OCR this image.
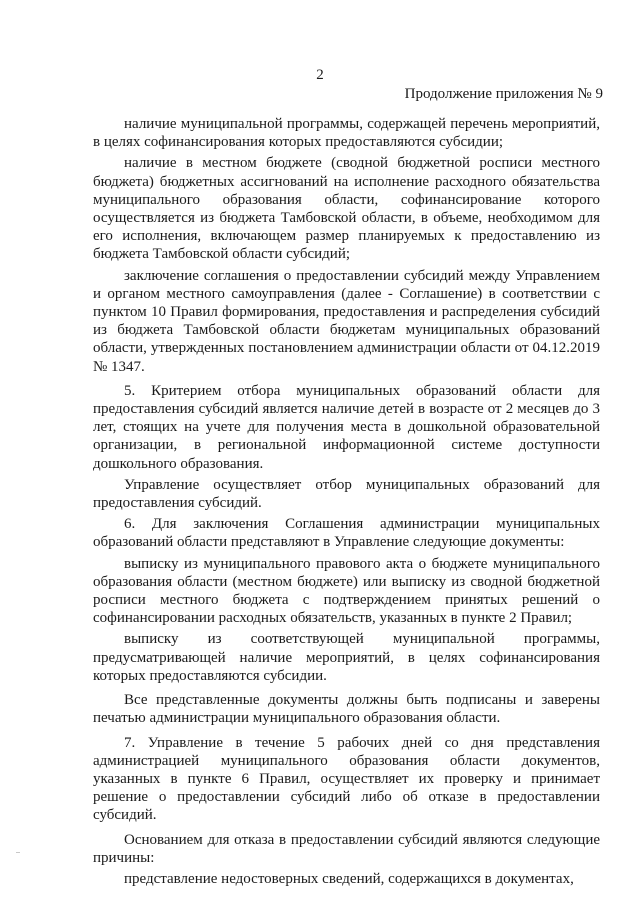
2
Продолжение приложения № 9

наличие муниципальной программы, содержащей перечень мероприятий, в целях софинансирования которых предоставляются субсидии;

наличие в местном бюджете (сводной бюджетной росписи местного бюджета) бюджетных ассигнований на исполнение расходного обязательства муниципального образования области, софинансирование которого осуществляется из бюджета Тамбовской области, в объеме, необходимом для его исполнения, включающем размер планируемых к предоставлению из бюджета Тамбовской области субсидий;

заключение соглашения о предоставлении субсидий между Управлением и органом местного самоуправления (далее - Соглашение) в соответствии с пунктом 10 Правил формирования, предоставления и распределения субсидий из бюджета Тамбовской области бюджетам муниципальных образований области, утвержденных постановлением администрации области от 04.12.2019 № 1347.

5. Критерием отбора муниципальных образований области для предоставления субсидий является наличие детей в возрасте от 2 месяцев до 3 лет, стоящих на учете для получения места в дошкольной образовательной организации, в региональной информационной системе доступности дошкольного образования.

Управление осуществляет отбор муниципальных образований для предоставления субсидий.

6. Для заключения Соглашения администрации муниципальных образований области представляют в Управление следующие документы:

выписку из муниципального правового акта о бюджете муниципального образования области (местном бюджете) или выписку из сводной бюджетной росписи местного бюджета с подтверждением принятых решений о софинансировании расходных обязательств, указанных в пункте 2 Правил;

выписку из соответствующей муниципальной программы, предусматривающей наличие мероприятий, в целях софинансирования которых предоставляются субсидии.

Все представленные документы должны быть подписаны и заверены печатью администрации муниципального образования области.

7. Управление в течение 5 рабочих дней со дня представления администрацией муниципального образования области документов, указанных в пункте 6 Правил, осуществляет их проверку и принимает решение о предоставлении субсидий либо об отказе в предоставлении субсидий.

Основанием для отказа в предоставлении субсидий являются следующие причины:

представление недостоверных сведений, содержащихся в документах,
